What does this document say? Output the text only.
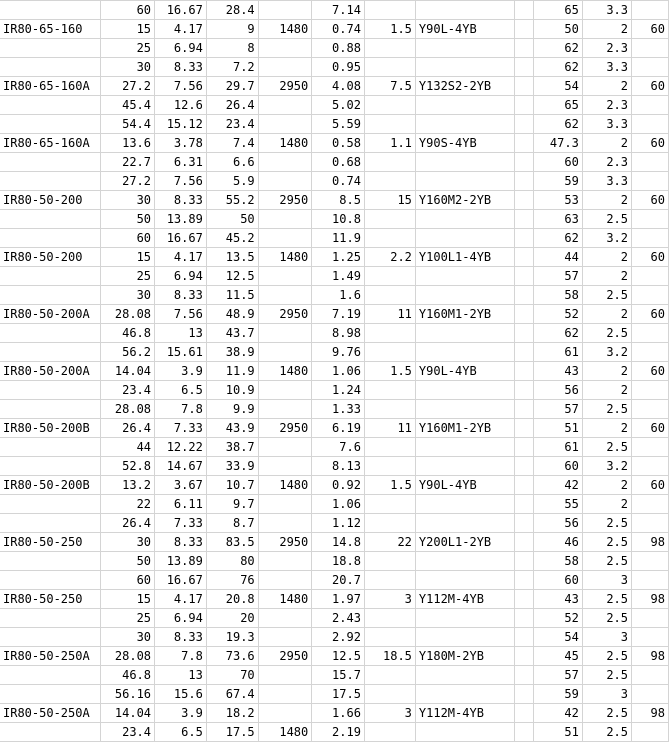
	60	16.67	28.4		7.14				65	3.3	
IR80-65-160	15	4.17	9	1480	0.74	1.5	Y90L-4YB		50	2	60
	25	6.94	8		0.88				62	2.3	
	30	8.33	7.2		0.95				62	3.3	
IR80-65-160A	27.2	7.56	29.7	2950	4.08	7.5	Y132S2-2YB		54	2	60
	45.4	12.6	26.4		5.02				65	2.3	
	54.4	15.12	23.4		5.59				62	3.3	
IR80-65-160A	13.6	3.78	7.4	1480	0.58	1.1	Y90S-4YB		47.3	2	60
	22.7	6.31	6.6		0.68				60	2.3	
	27.2	7.56	5.9		0.74				59	3.3	
IR80-50-200	30	8.33	55.2	2950	8.5	15	Y160M2-2YB		53	2	60
	50	13.89	50		10.8				63	2.5	
	60	16.67	45.2		11.9				62	3.2	
IR80-50-200	15	4.17	13.5	1480	1.25	2.2	Y100L1-4YB		44	2	60
	25	6.94	12.5		1.49				57	2	
	30	8.33	11.5		1.6				58	2.5	
IR80-50-200A	28.08	7.56	48.9	2950	7.19	11	Y160M1-2YB		52	2	60
	46.8	13	43.7		8.98				62	2.5	
	56.2	15.61	38.9		9.76				61	3.2	
IR80-50-200A	14.04	3.9	11.9	1480	1.06	1.5	Y90L-4YB		43	2	60
	23.4	6.5	10.9		1.24				56	2	
	28.08	7.8	9.9		1.33				57	2.5	
IR80-50-200B	26.4	7.33	43.9	2950	6.19	11	Y160M1-2YB		51	2	60
	44	12.22	38.7		7.6				61	2.5	
	52.8	14.67	33.9		8.13				60	3.2	
IR80-50-200B	13.2	3.67	10.7	1480	0.92	1.5	Y90L-4YB		42	2	60
	22	6.11	9.7		1.06				55	2	
	26.4	7.33	8.7		1.12				56	2.5	
IR80-50-250	30	8.33	83.5	2950	14.8	22	Y200L1-2YB		46	2.5	98
	50	13.89	80		18.8				58	2.5	
	60	16.67	76		20.7				60	3	
IR80-50-250	15	4.17	20.8	1480	1.97	3	Y112M-4YB		43	2.5	98
	25	6.94	20		2.43				52	2.5	
	30	8.33	19.3		2.92				54	3	
IR80-50-250A	28.08	7.8	73.6	2950	12.5	18.5	Y180M-2YB		45	2.5	98
	46.8	13	70		15.7				57	2.5	
	56.16	15.6	67.4		17.5				59	3	
IR80-50-250A	14.04	3.9	18.2		1.66	3	Y112M-4YB		42	2.5	98
	23.4	6.5	17.5	1480	2.19				51	2.5	
